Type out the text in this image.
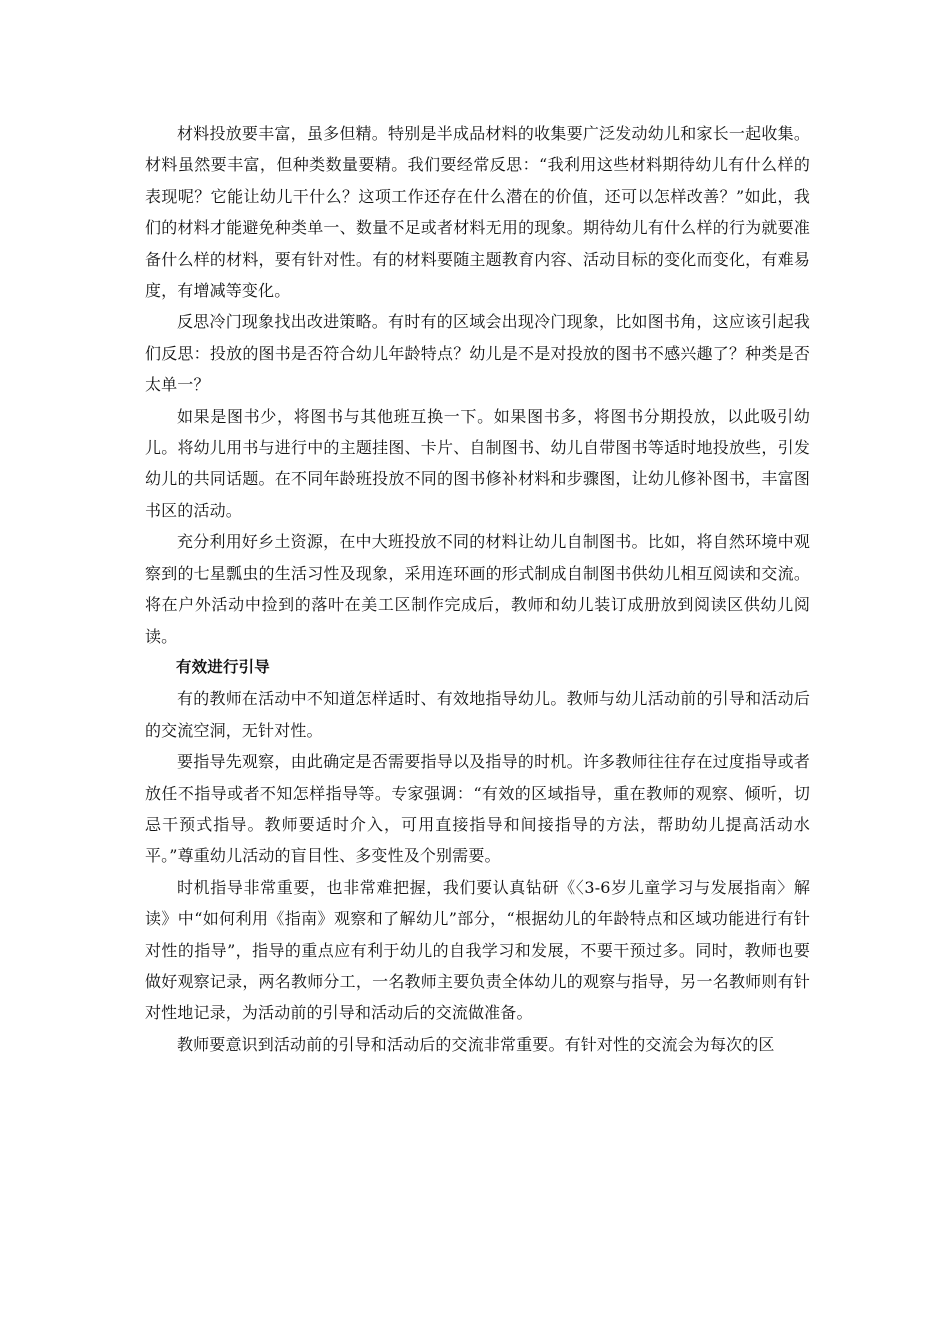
材料投放要丰富，虽多但精。特别是半成品材料的收集要广泛发动幼儿和家长一起收集。材料虽然要丰富，但种类数量要精。我们要经常反思：“我利用这些材料期待幼儿有什么样的表现呢？它能让幼儿干什么？这项工作还存在什么潜在的价值，还可以怎样改善？”如此，我们的材料才能避免种类单一、数量不足或者材料无用的现象。期待幼儿有什么样的行为就要准备什么样的材料，要有针对性。有的材料要随主题教育内容、活动目标的变化而变化，有难易度，有增减等变化。

反思冷门现象找出改进策略。有时有的区域会出现冷门现象，比如图书角，这应该引起我们反思：投放的图书是否符合幼儿年龄特点？幼儿是不是对投放的图书不感兴趣了？种类是否太单一？

如果是图书少，将图书与其他班互换一下。如果图书多，将图书分期投放，以此吸引幼儿。将幼儿用书与进行中的主题挂图、卡片、自制图书、幼儿自带图书等适时地投放些，引发幼儿的共同话题。在不同年龄班投放不同的图书修补材料和步骤图，让幼儿修补图书，丰富图书区的活动。

充分利用好乡土资源，在中大班投放不同的材料让幼儿自制图书。比如，将自然环境中观察到的七星瓢虫的生活习性及现象，采用连环画的形式制成自制图书供幼儿相互阅读和交流。将在户外活动中捡到的落叶在美工区制作完成后，教师和幼儿装订成册放到阅读区供幼儿阅读。

有效进行引导

有的教师在活动中不知道怎样适时、有效地指导幼儿。教师与幼儿活动前的引导和活动后的交流空洞，无针对性。

要指导先观察，由此确定是否需要指导以及指导的时机。许多教师往往存在过度指导或者放任不指导或者不知怎样指导等。专家强调：“有效的区域指导，重在教师的观察、倾听，切忌干预式指导。教师要适时介入，可用直接指导和间接指导的方法，帮助幼儿提高活动水平。”尊重幼儿活动的盲目性、多变性及个别需要。

时机指导非常重要，也非常难把握，我们要认真钻研《〈3-6岁儿童学习与发展指南〉解读》中“如何利用《指南》观察和了解幼儿”部分，“根据幼儿的年龄特点和区域功能进行有针对性的指导”，指导的重点应有利于幼儿的自我学习和发展，不要干预过多。同时，教师也要做好观察记录，两名教师分工，一名教师主要负责全体幼儿的观察与指导，另一名教师则有针对性地记录，为活动前的引导和活动后的交流做准备。

教师要意识到活动前的引导和活动后的交流非常重要。有针对性的交流会为每次的区
